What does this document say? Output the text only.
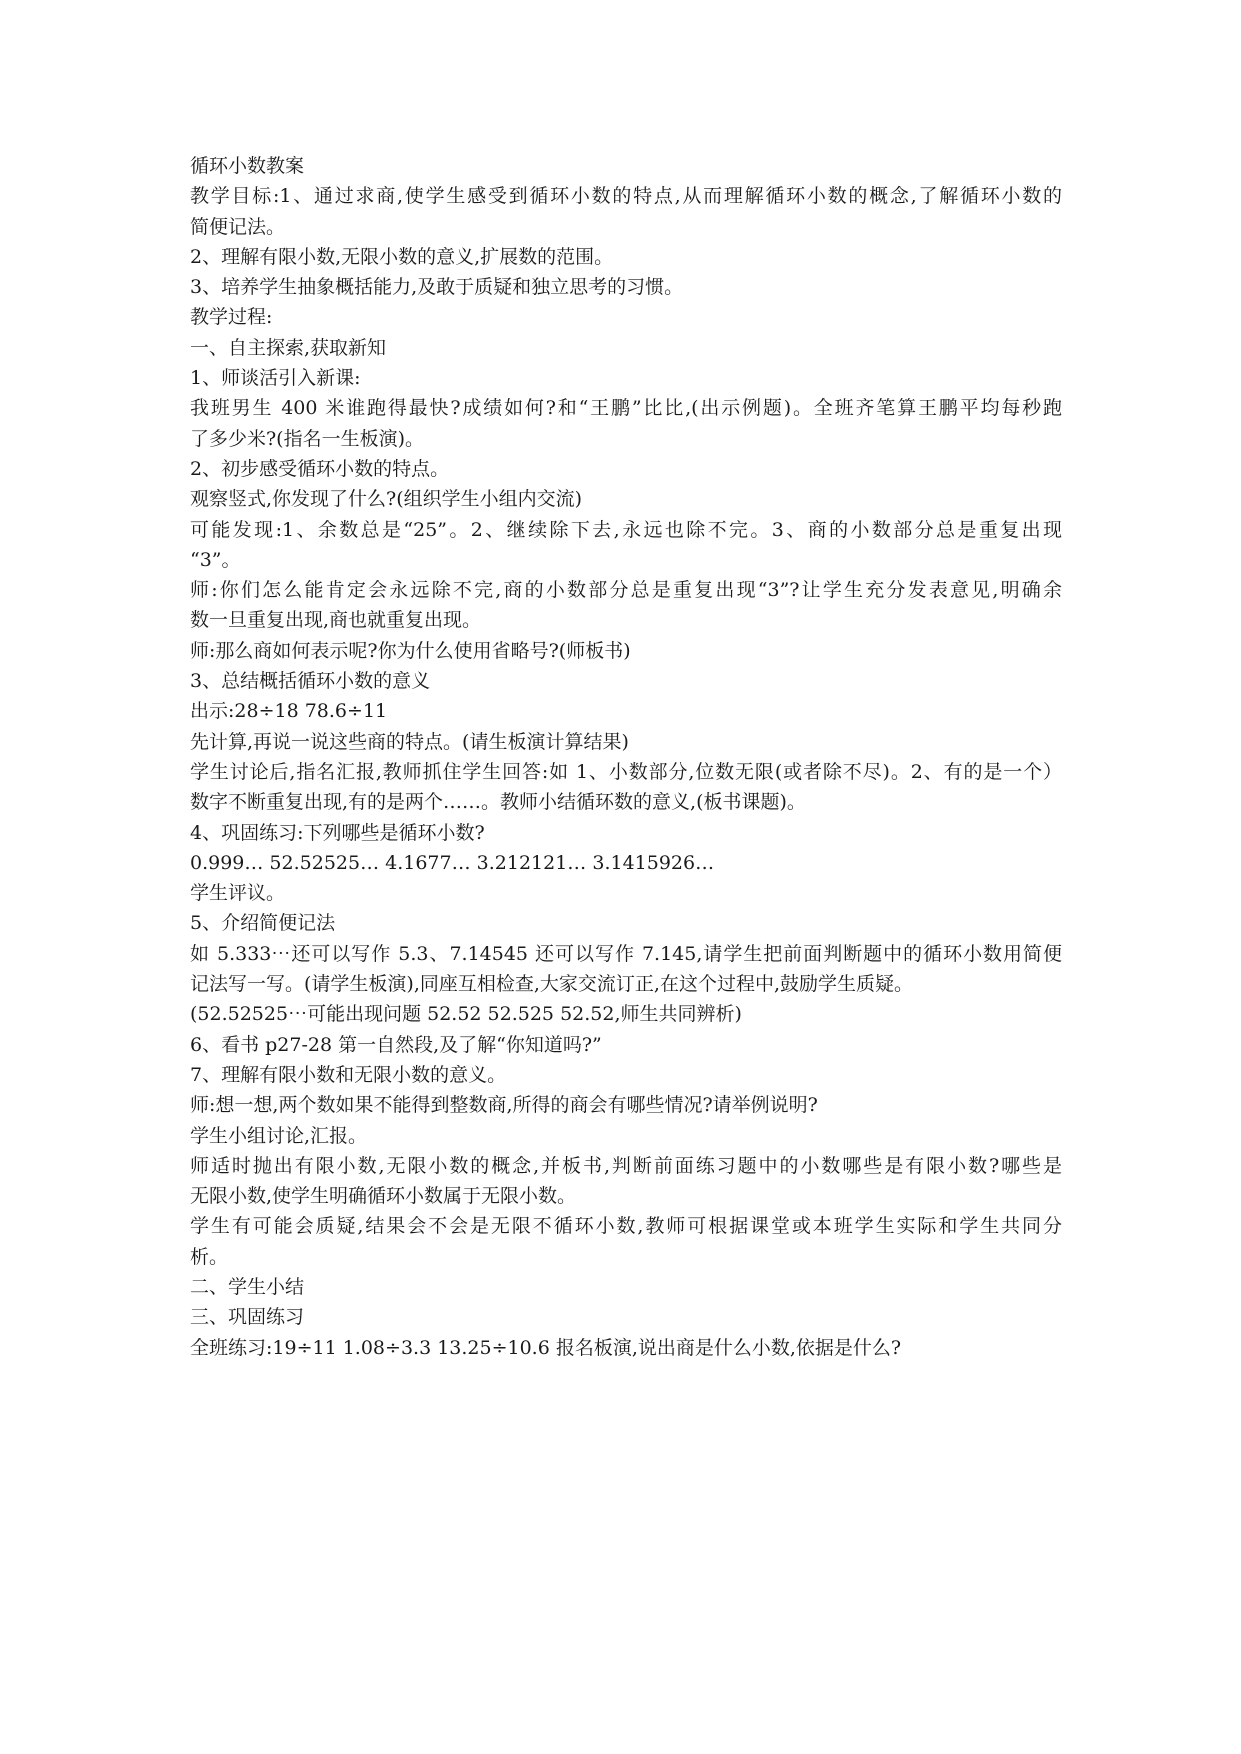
循环小数教案
教学目标:1、通过求商,使学生感受到循环小数的特点,从而理解循环小数的概念,了解循环小数的
简便记法。
2、理解有限小数,无限小数的意义,扩展数的范围。
3、培养学生抽象概括能力,及敢于质疑和独立思考的习惯。
教学过程:
一、自主探索,获取新知
1、师谈活引入新课:
我班男生 400 米谁跑得最快?成绩如何?和“王鹏”比比,(出示例题)。全班齐笔算王鹏平均每秒跑
了多少米?(指名一生板演)。
2、初步感受循环小数的特点。
观察竖式,你发现了什么?(组织学生小组内交流)
可能发现:1、余数总是“25”。2、继续除下去,永远也除不完。3、商的小数部分总是重复出现
“3”。
师:你们怎么能肯定会永远除不完,商的小数部分总是重复出现“3”?让学生充分发表意见,明确余
数一旦重复出现,商也就重复出现。
师:那么商如何表示呢?你为什么使用省略号?(师板书)
3、总结概括循环小数的意义
出示:28÷18 78.6÷11
先计算,再说一说这些商的特点。(请生板演计算结果)
学生讨论后,指名汇报,教师抓住学生回答:如 1、小数部分,位数无限(或者除不尽)。2、有的是一个）
数字不断重复出现,有的是两个……。教师小结循环数的意义,(板书课题)。
4、巩固练习:下列哪些是循环小数?
0.999… 52.52525… 4.1677… 3.212121… 3.1415926…
学生评议。
5、介绍简便记法
如 5.333⋯还可以写作 5.3、7.14545 还可以写作 7.145,请学生把前面判断题中的循环小数用简便
记法写一写。(请学生板演),同座互相检查,大家交流订正,在这个过程中,鼓励学生质疑。
(52.52525⋯可能出现问题 52.52 52.525 52.52,师生共同辨析)
6、看书 p27-28 第一自然段,及了解“你知道吗?”
7、理解有限小数和无限小数的意义。
师:想一想,两个数如果不能得到整数商,所得的商会有哪些情况?请举例说明?
学生小组讨论,汇报。
师适时抛出有限小数,无限小数的概念,并板书,判断前面练习题中的小数哪些是有限小数?哪些是
无限小数,使学生明确循环小数属于无限小数。
学生有可能会质疑,结果会不会是无限不循环小数,教师可根据课堂或本班学生实际和学生共同分
析。
二、学生小结
三、巩固练习
全班练习:19÷11 1.08÷3.3 13.25÷10.6 报名板演,说出商是什么小数,依据是什么?
